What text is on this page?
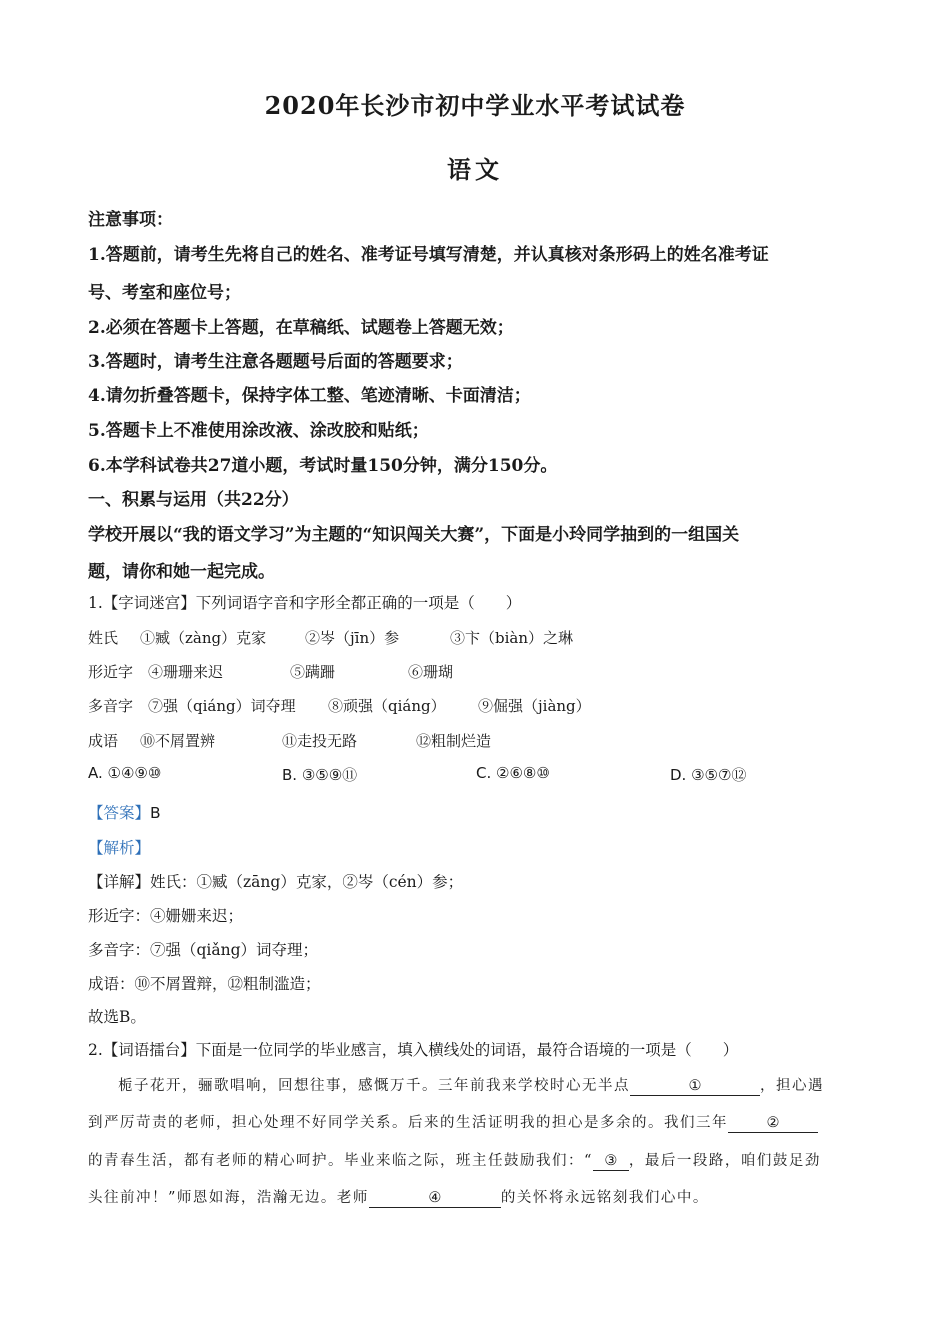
2020年长沙市初中学业水平考试试卷
语文
注意事项：
1.答题前，请考生先将自己的姓名、准考证号填写清楚，并认真核对条形码上的姓名准考证
号、考室和座位号；
2.必须在答题卡上答题，在草稿纸、试题卷上答题无效；
3.答题时，请考生注意各题题号后面的答题要求；
4.请勿折叠答题卡，保持字体工整、笔迹清晰、卡面清洁；
5.答题卡上不准使用涂改液、涂改胶和贴纸；
6.本学科试卷共27道小题，考试时量150分钟，满分150分。
一、积累与运用（共22分）
学校开展以“我的语文学习”为主题的“知识闯关大赛”，下面是小玲同学抽到的一组国关
题，请你和她一起完成。
1.【字词迷宫】下列词语字音和字形全都正确的一项是（　　）
姓氏 ①臧（zàng）克家	②岑（jīn）参	③卞（biàn）之琳
形近字 ④珊珊来迟	⑤蹒跚	⑥珊瑚
多音字 ⑦强（qiáng）词夺理 ⑧顽强（qiáng） ⑨倔强（jiàng）
成语 ⑩不屑置辨	⑪走投无路	⑫粗制烂造
A. ①④⑨⑩	B. ③⑤⑨⑪	C. ②⑥⑧⑩	D. ③⑤⑦⑫
【答案】B
【解析】
【详解】姓氏：①臧（zāng）克家，②岑（cén）参；
形近字：④姗姗来迟；
多音字：⑦强（qiǎng）词夺理；
成语：⑩不屑置辩，⑫粗制滥造；
故选B。
2.【词语擂台】下面是一位同学的毕业感言，填入横线处的词语，最符合语境的一项是（　　）
栀子花开，骊歌唱响，回想往事，感慨万千。三年前我来学校时心无半点	①	，担心遇
到严厉苛责的老师，担心处理不好同学关系。后来的生活证明我的担心是多余的。我们三年	②
的青春生活，都有老师的精心呵护。毕业来临之际，班主任鼓励我们：“ ③ ，最后一段路，咱们鼓足劲
头往前冲！”师恩如海，浩瀚无边。老师	④	的关怀将永远铭刻我们心中。
